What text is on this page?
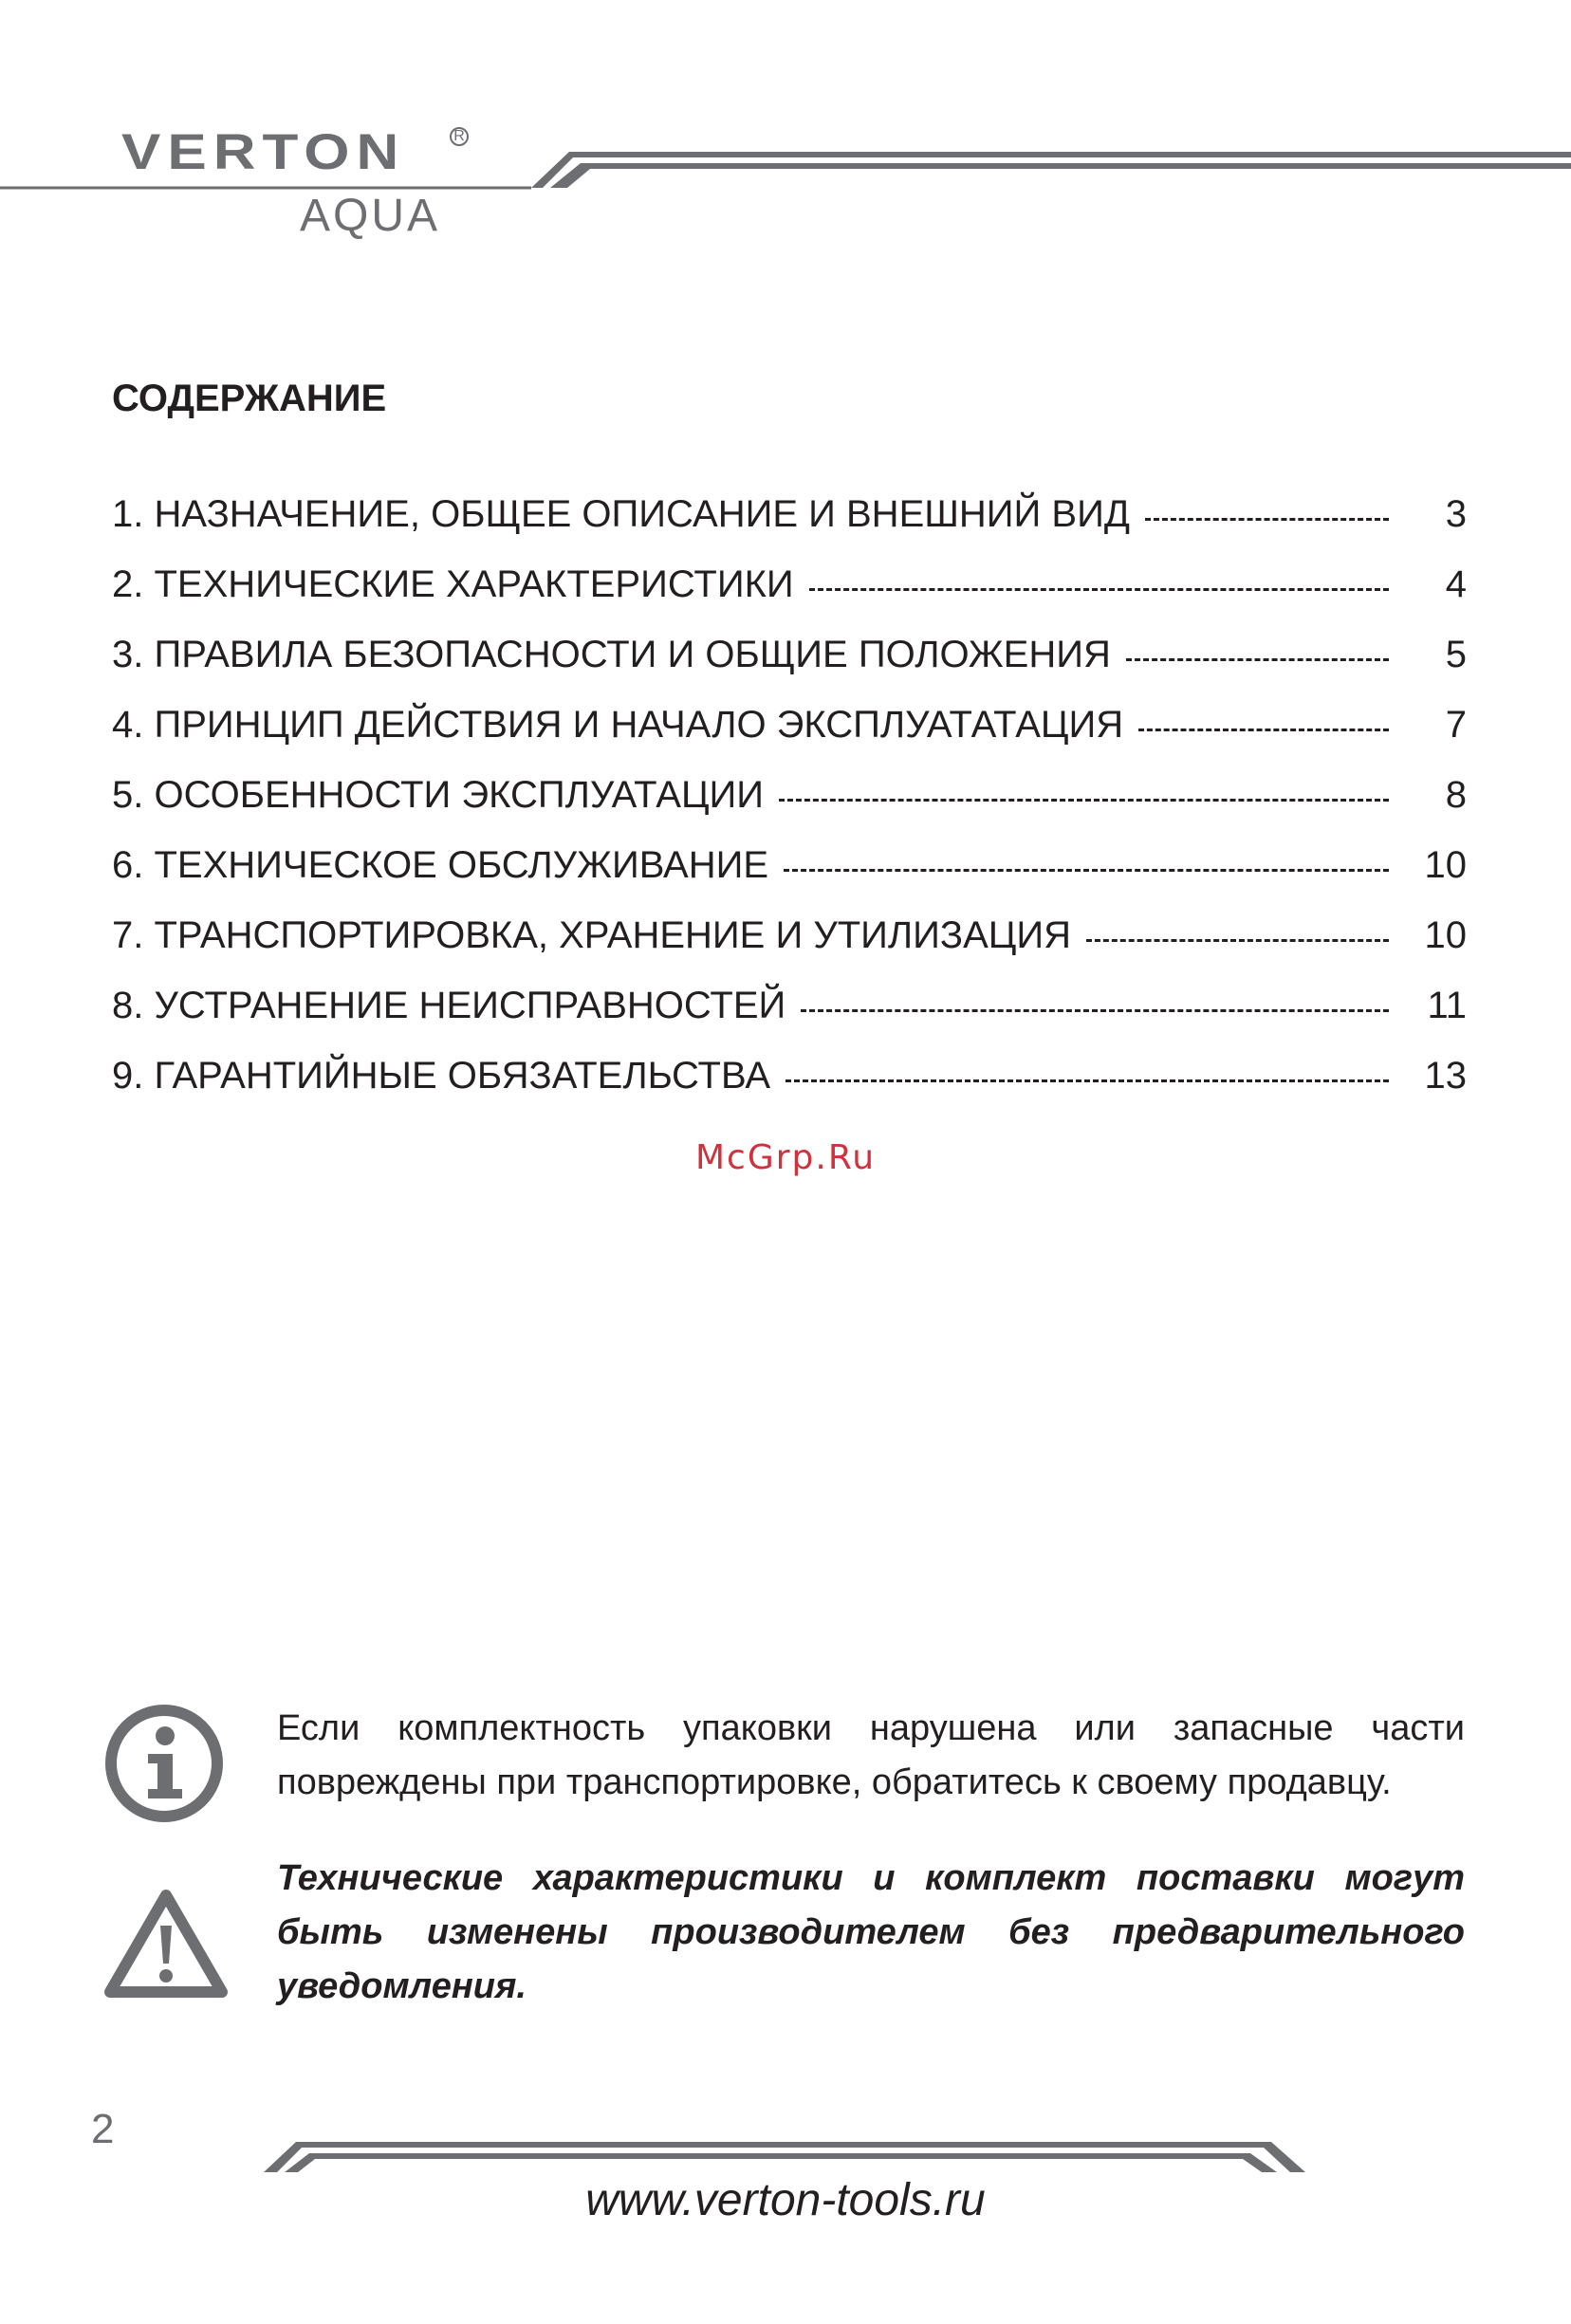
VERTON	R
AQUA
СОДЕРЖАНИЕ
1. НАЗНАЧЕНИЕ, ОБЩЕЕ ОПИСАНИЕ И ВНЕШНИЙ ВИД	3
2. ТЕХНИЧЕСКИЕ ХАРАКТЕРИСТИКИ	4
3. ПРАВИЛА БЕЗОПАСНОСТИ И ОБЩИЕ ПОЛОЖЕНИЯ	5
4. ПРИНЦИП ДЕЙСТВИЯ И НАЧАЛО ЭКСПЛУАТАТАЦИЯ	7
5. ОСОБЕННОСТИ ЭКСПЛУАТАЦИИ	8
6. ТЕХНИЧЕСКОЕ ОБСЛУЖИВАНИЕ	10
7. ТРАНСПОРТИРОВКА, ХРАНЕНИЕ И УТИЛИЗАЦИЯ	10
8. УСТРАНЕНИЕ НЕИСПРАВНОСТЕЙ	11
9. ГАРАНТИЙНЫЕ ОБЯЗАТЕЛЬСТВА	13
McGrp.Ru
Если комплектность упаковки нарушена или запасные части повреждены при транспортировке, обратитесь к своему продавцу.
Технические характеристики и комплект поставки могут быть изменены производителем без предварительного уведомления.
2
www.verton-tools.ru
